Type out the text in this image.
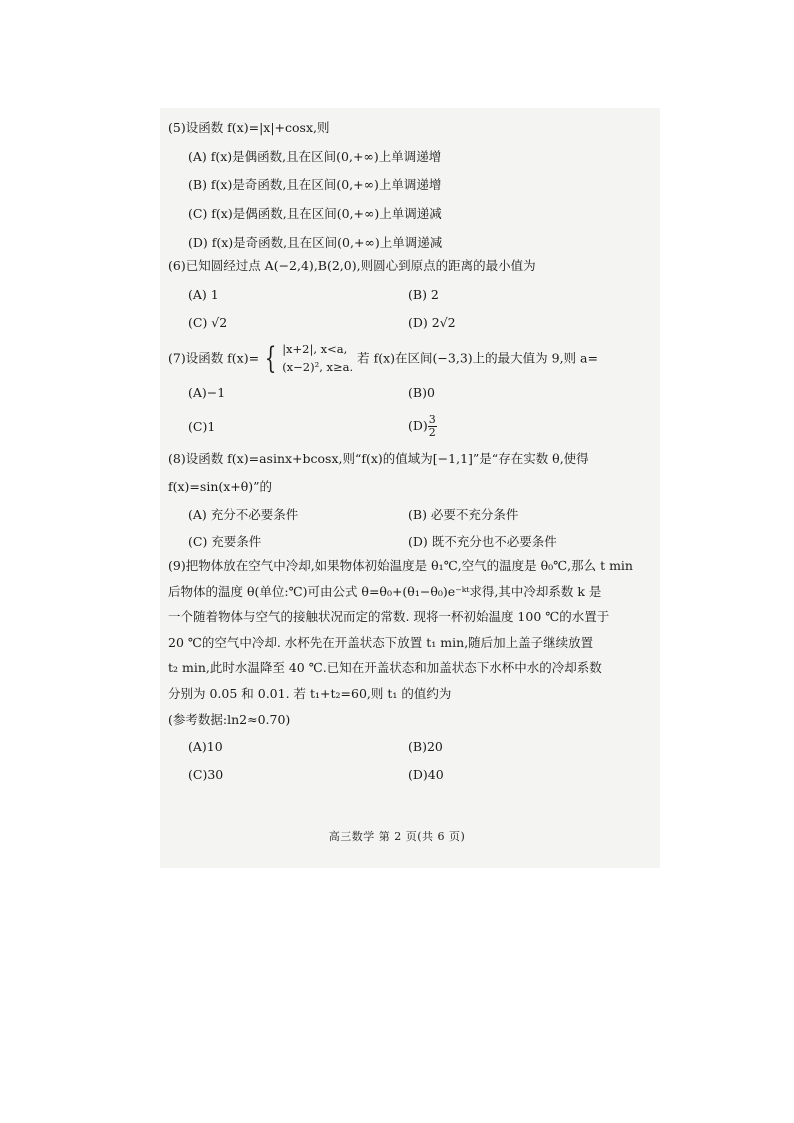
(5)设函数 f(x)=|x|+cosx,则
(A) f(x)是偶函数,且在区间(0,+∞)上单调递增
(B) f(x)是奇函数,且在区间(0,+∞)上单调递增
(C) f(x)是偶函数,且在区间(0,+∞)上单调递减
(D) f(x)是奇函数,且在区间(0,+∞)上单调递减
(6)已知圆经过点 A(−2,4),B(2,0),则圆心到原点的距离的最小值为
(A) 1	(B) 2
(C) √2	(D) 2√2
(7)设函数 f(x)= { |x+2|, x<a,
(x−2)², x≥a. 若 f(x)在区间(−3,3)上的最大值为 9,则 a=
(A)−1	(B)0
(C)1	$(D) \frac{3}{2}$
(8)设函数 f(x)=asinx+bcosx,则“f(x)的值域为[−1,1]”是“存在实数 θ,使得
f(x)=sin(x+θ)”的
(A) 充分不必要条件	(B) 必要不充分条件
(C) 充要条件	(D) 既不充分也不必要条件
(9)把物体放在空气中冷却,如果物体初始温度是 θ₁℃,空气的温度是 θ₀℃,那么 t min
后物体的温度 θ(单位:℃)可由公式 θ=θ₀+(θ₁−θ₀)e⁻ᵏᵗ求得,其中冷却系数 k 是
一个随着物体与空气的接触状况而定的常数. 现将一杯初始温度 100 ℃的水置于
20 ℃的空气中冷却. 水杯先在开盖状态下放置 t₁ min,随后加上盖子继续放置
t₂ min,此时水温降至 40 ℃.已知在开盖状态和加盖状态下水杯中水的冷却系数
分别为 0.05 和 0.01. 若 t₁+t₂=60,则 t₁ 的值约为
(参考数据:ln2≈0.70)
(A)10	(B)20
(C)30	(D)40
高三数学 第 2 页(共 6 页)
